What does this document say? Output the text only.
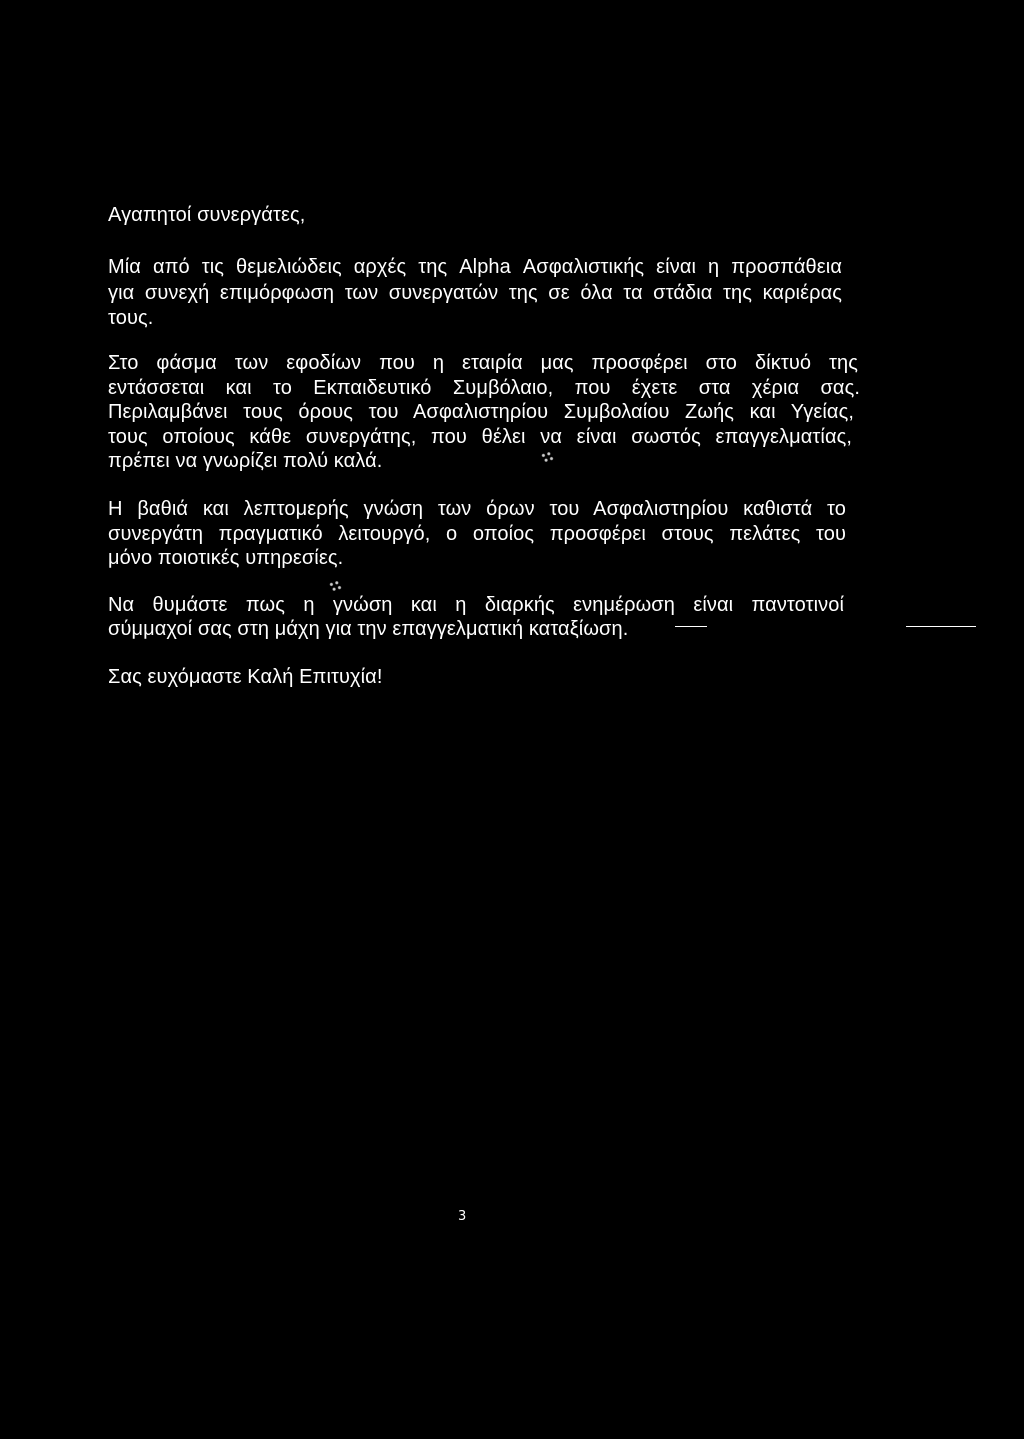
Αγαπητοί συνεργάτες,
Μία από τις θεμελιώδεις αρχές της Alpha Ασφαλιστικής είναι η προσπάθεια
για συνεχή επιμόρφωση των συνεργατών της σε όλα τα στάδια της καριέρας
τους.
Στο φάσμα των εφοδίων που η εταιρία μας προσφέρει στο δίκτυό της
εντάσσεται και το Εκπαιδευτικό Συμβόλαιο, που έχετε στα χέρια σας.
Περιλαμβάνει τους όρους του Ασφαλιστηρίου Συμβολαίου Ζωής και Υγείας,
τους οποίους κάθε συνεργάτης, που θέλει να είναι σωστός επαγγελματίας,
πρέπει να γνωρίζει πολύ καλά.
Η βαθιά και λεπτομερής γνώση των όρων του Ασφαλιστηρίου καθιστά το
συνεργάτη πραγματικό λειτουργό, ο οποίος προσφέρει στους πελάτες του
μόνο ποιοτικές υπηρεσίες.
Να θυμάστε πως η γνώση και η διαρκής ενημέρωση είναι παντοτινοί
σύμμαχοί σας στη μάχη για την επαγγελματική καταξίωση.
Σας ευχόμαστε Καλή Επιτυχία!
3
